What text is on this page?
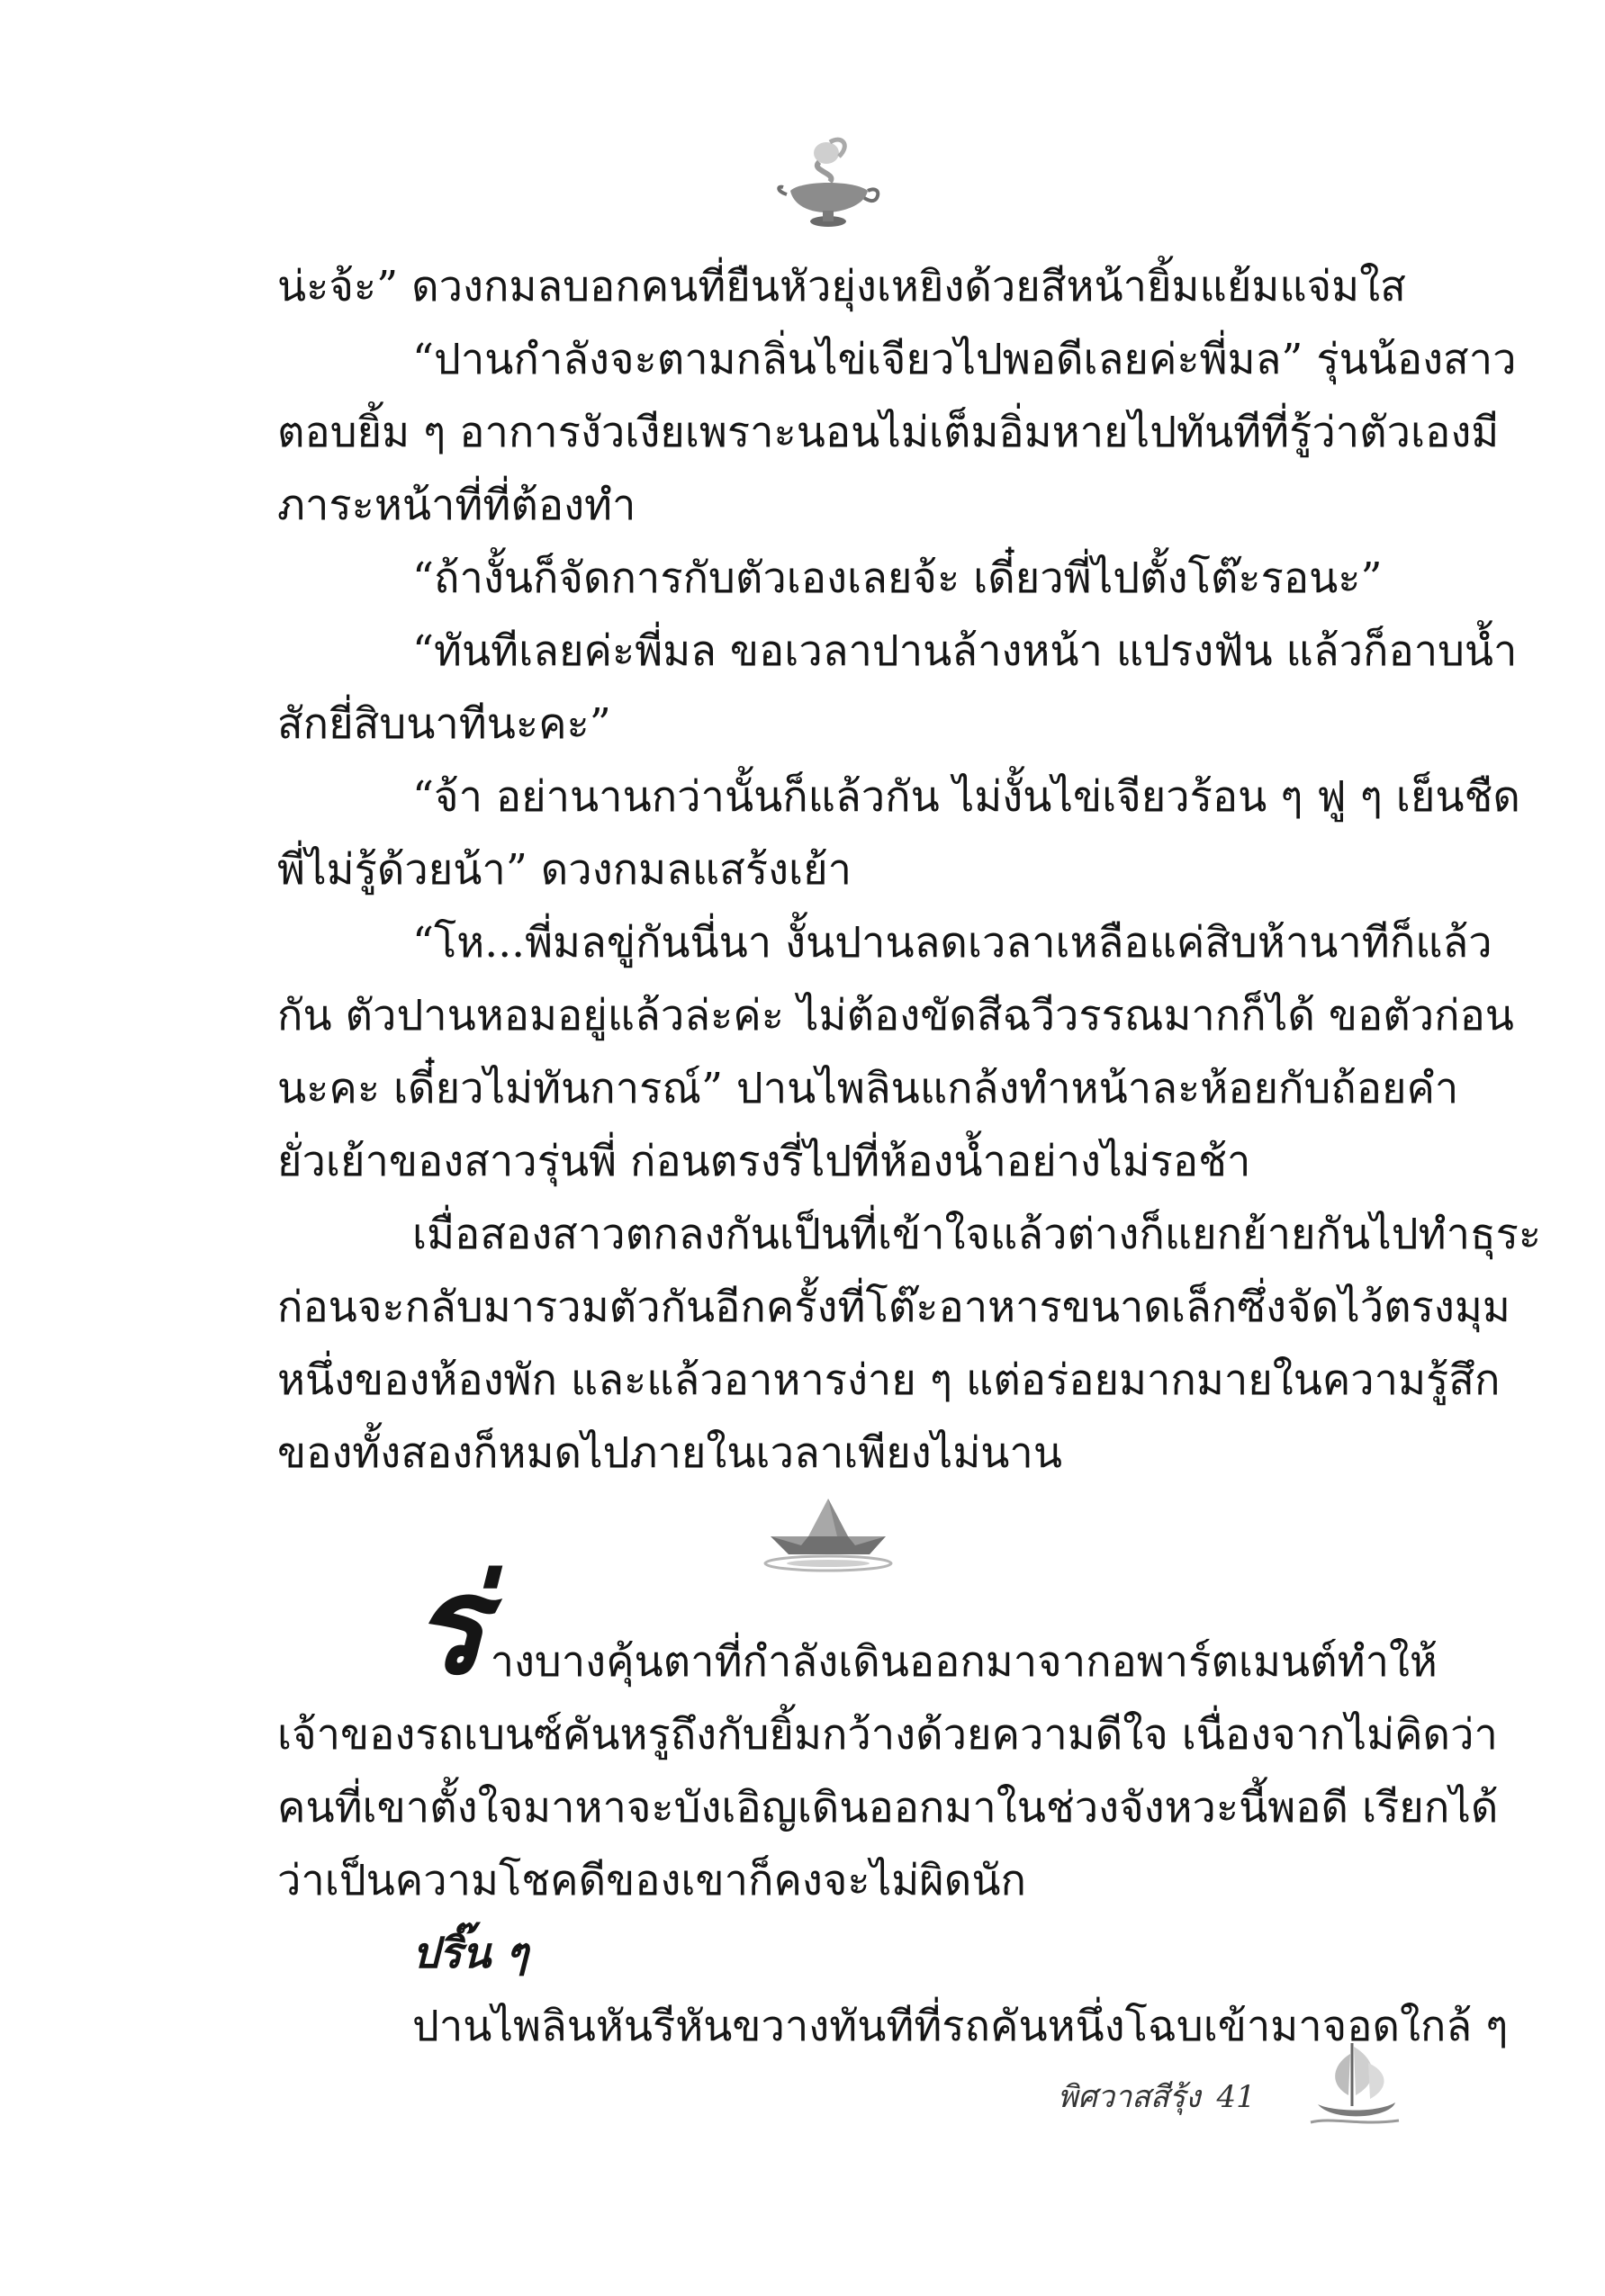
น่ะจ้ะ” ดวงกมลบอกคนที่ยืนหัวยุ่งเหยิงด้วยสีหน้ายิ้มแย้มแจ่มใส

“ปานกำลังจะตามกลิ่นไข่เจียวไปพอดีเลยค่ะพี่มล” รุ่นน้องสาว

ตอบยิ้ม ๆ อาการงัวเงียเพราะนอนไม่เต็มอิ่มหายไปทันทีที่รู้ว่าตัวเองมี

ภาระหน้าที่ที่ต้องทำ

“ถ้างั้นก็จัดการกับตัวเองเลยจ้ะ เดี๋ยวพี่ไปตั้งโต๊ะรอนะ”

“ทันทีเลยค่ะพี่มล ขอเวลาปานล้างหน้า แปรงฟัน แล้วก็อาบน้ำ

สักยี่สิบนาทีนะคะ”

“จ้า อย่านานกว่านั้นก็แล้วกัน ไม่งั้นไข่เจียวร้อน ๆ ฟู ๆ เย็นชืด

พี่ไม่รู้ด้วยน้า” ดวงกมลแสร้งเย้า

“โห...พี่มลขู่กันนี่นา งั้นปานลดเวลาเหลือแค่สิบห้านาทีก็แล้ว

กัน ตัวปานหอมอยู่แล้วล่ะค่ะ ไม่ต้องขัดสีฉวีวรรณมากก็ได้ ขอตัวก่อน

นะคะ เดี๋ยวไม่ทันการณ์” ปานไพลินแกล้งทำหน้าละห้อยกับถ้อยคำ

ยั่วเย้าของสาวรุ่นพี่ ก่อนตรงรี่ไปที่ห้องน้ำอย่างไม่รอช้า

เมื่อสองสาวตกลงกันเป็นที่เข้าใจแล้วต่างก็แยกย้ายกันไปทำธุระ

ก่อนจะกลับมารวมตัวกันอีกครั้งที่โต๊ะอาหารขนาดเล็กซึ่งจัดไว้ตรงมุม

หนึ่งของห้องพัก และแล้วอาหารง่าย ๆ แต่อร่อยมากมายในความรู้สึก

ของทั้งสองก็หมดไปภายในเวลาเพียงไม่นาน

ร่างบางคุ้นตาที่กำลังเดินออกมาจากอพาร์ตเมนต์ทำให้

เจ้าของรถเบนซ์คันหรูถึงกับยิ้มกว้างด้วยความดีใจ เนื่องจากไม่คิดว่า

คนที่เขาตั้งใจมาหาจะบังเอิญเดินออกมาในช่วงจังหวะนี้พอดี เรียกได้

ว่าเป็นความโชคดีของเขาก็คงจะไม่ผิดนัก

ปริ๊น ๆ

ปานไพลินหันรีหันขวางทันทีที่รถคันหนึ่งโฉบเข้ามาจอดใกล้ ๆ

พิศวาสสีรุ้ง 41
